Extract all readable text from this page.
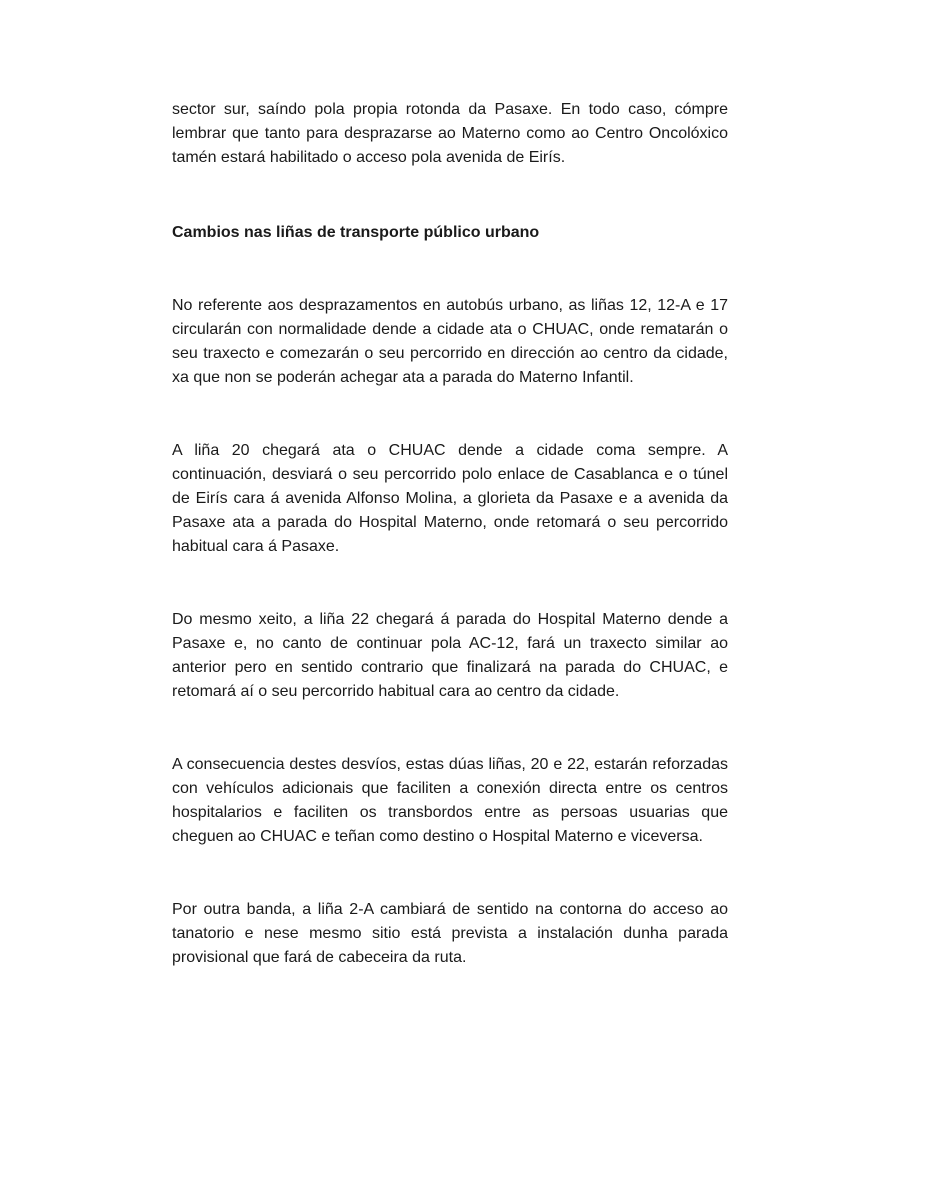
sector sur, saíndo pola propia rotonda da Pasaxe. En todo caso, cómpre lembrar que tanto para desprazarse ao Materno como ao Centro Oncolóxico tamén estará habilitado o acceso pola avenida de Eirís.

Cambios nas liñas de transporte público urbano

No referente aos desprazamentos en autobús urbano, as liñas 12, 12-A e 17 circularán con normalidade dende a cidade ata o CHUAC, onde rematarán o seu traxecto e comezarán o seu percorrido en dirección ao centro da cidade, xa que non se poderán achegar ata a parada do Materno Infantil.

A liña 20 chegará ata o CHUAC dende a cidade coma sempre. A continuación, desviará o seu percorrido polo enlace de Casablanca e o túnel de Eirís cara á avenida Alfonso Molina, a glorieta da Pasaxe e a avenida da Pasaxe ata a parada do Hospital Materno, onde retomará o seu percorrido habitual cara á Pasaxe.

Do mesmo xeito, a liña 22 chegará á parada do Hospital Materno dende a Pasaxe e, no canto de continuar pola AC-12, fará un traxecto similar ao anterior pero en sentido contrario que finalizará na parada do CHUAC, e retomará aí o seu percorrido habitual cara ao centro da cidade.

A consecuencia destes desvíos, estas dúas liñas, 20 e 22, estarán reforzadas con vehículos adicionais que faciliten a conexión directa entre os centros hospitalarios e faciliten os transbordos entre as persoas usuarias que cheguen ao CHUAC e teñan como destino o Hospital Materno e viceversa.

Por outra banda, a liña 2-A cambiará de sentido na contorna do acceso ao tanatorio e nese mesmo sitio está prevista a instalación dunha parada provisional que fará de cabeceira da ruta.
